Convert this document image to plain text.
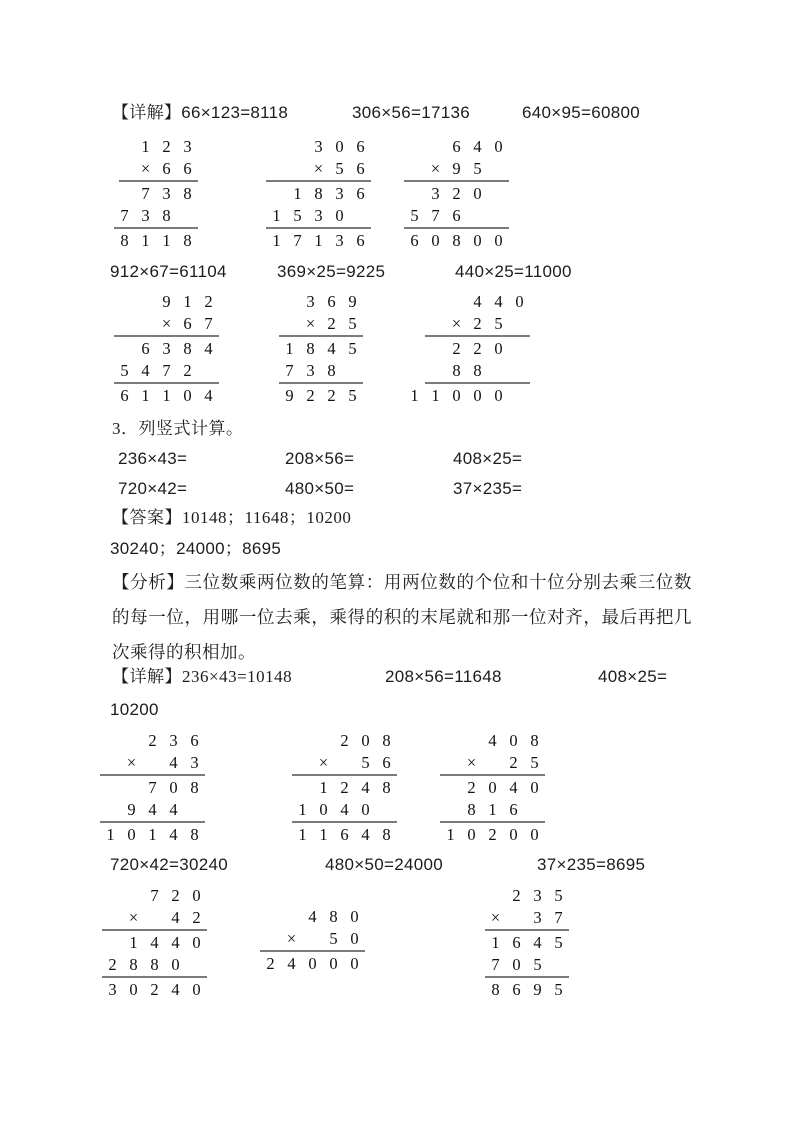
【详解】66×123=8118	306×56=17136	640×95=60800
1 2 3
× 6 6
7 3 8
7 3 8
8 1 1 8
3 0 6
× 5 6
1 8 3 6
1 5 3 0
1 7 1 3 6
6 4 0
× 9 5
3 2 0
5 7 6
6 0 8 0 0
912×67=61104	369×25=9225	440×25=11000
9 1 2
× 6 7
6 3 8 4
5 4 7 2
6 1 1 0 4
3 6 9
× 2 5
1 8 4 5
7 3 8
9 2 2 5
4 4 0
× 2 5
2 2 0
8 8
1 1 0 0 0
3．列竖式计算。
236×43=	208×56=	408×25=
720×42=	480×50=	37×235=
【答案】10148；11648；10200
30240；24000；8695
【分析】三位数乘两位数的笔算：用两位数的个位和十位分别去乘三位数的每一位，用哪一位去乘，乘得的积的末尾就和那一位对齐，最后再把几次乘得的积相加。
【详解】236×43=10148	208×56=11648	408×25=
10200
2 3 6
×	4 3
7 0 8
9 4 4
1 0 1 4 8
2 0 8
×	5 6
1 2 4 8
1 0 4 0
1 1 6 4 8
4 0 8
×	2 5
2 0 4 0
8 1 6
1 0 2 0 0
720×42=30240	480×50=24000	37×235=8695
7 2 0
×	4 2
1 4 4 0
2 8 8 0
3 0 2 4 0
4 8 0
×	5 0
2 4 0 0 0
2 3 5
×	3 7
1 6 4 5
7 0 5
8 6 9 5
